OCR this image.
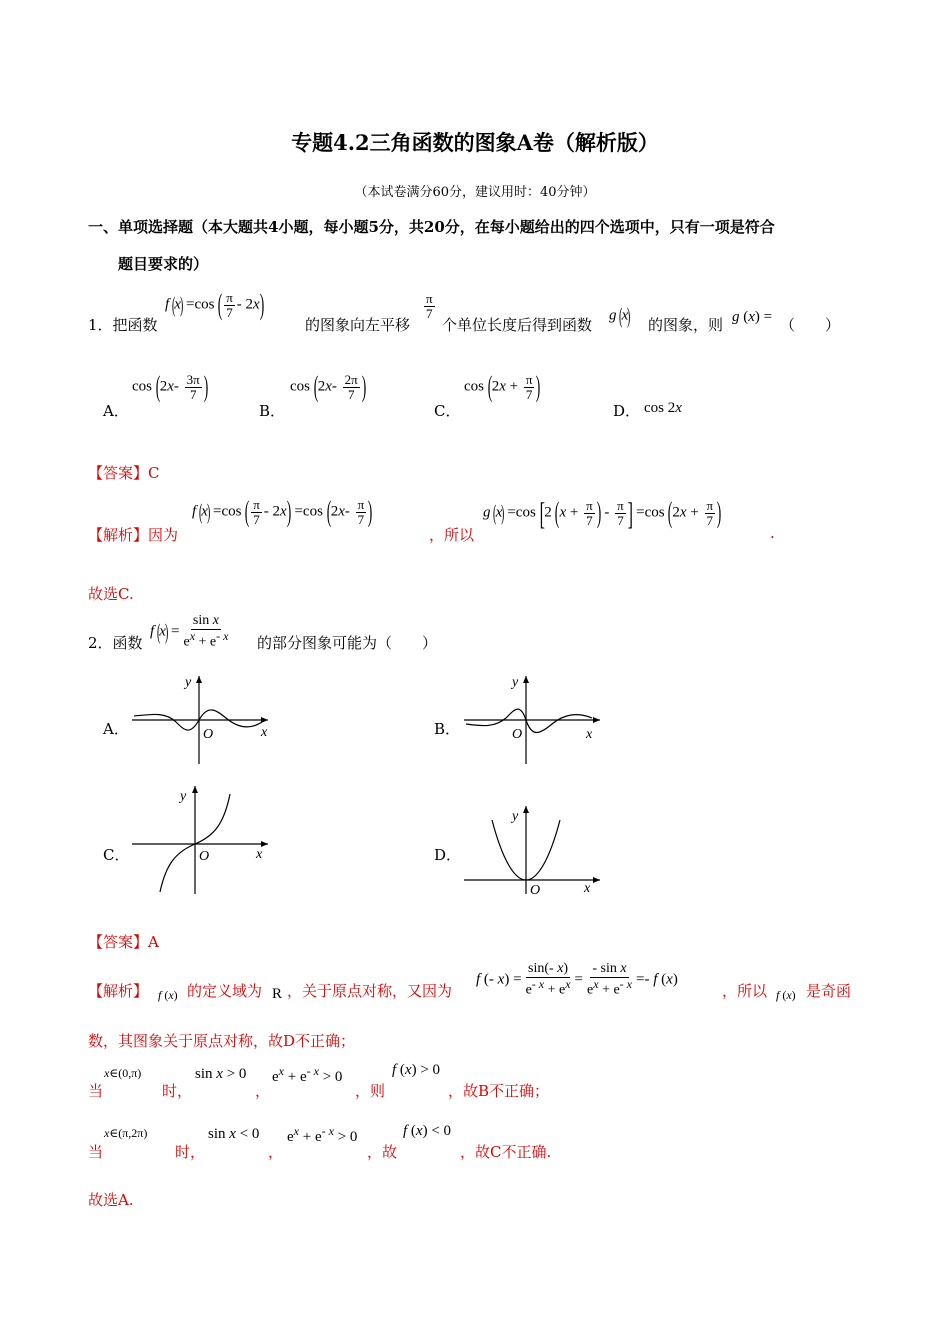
专题4.2三角函数的图象A卷（解析版）
（本试卷满分60分，建议用时：40分钟）
一、单项选择题（本大题共4小题，每小题5分，共20分，在每小题给出的四个选项中，只有一项是符合
题目要求的）
1．把函数
f (x) =cos ( $\frac{\pi}{7} - 2x$)
的图象向左平移
$\frac{\pi}{7}$
个单位长度后得到函数
g (x) 的图象，则 g (x) = （　　）
A．
$\cos (2x- \frac{3\pi}{7}$ )
B．
$\cos (2x- \frac{2\pi}{7}$ )
C．
$\cos (2x + \frac{\pi}{7}$ )
D． cos 2x
【答案】C
【解析】因为
f (x) =cos ( $\frac{\pi}{7} - 2x) =\cos$ ($2x- \frac{\pi}{7}$ )
，所以
g (x) =cos [2 ($x + \frac{\pi}{7}$ ) - $\frac{\pi}{7}$ ] =cos ($2x + \frac{\pi}{7}$ )
.
故选C.
2．函数
f $(x) = \frac{\text{sin x}}{e^x + e^{- x}}$ 的部分图象可能为（　　）
A．	B．
C．	D．
y
O	x
y
O	x
y
O	x
y
O	x
【答案】A
【解析】 f (x) 的定义域为 R ，关于原点对称，又因为
f (- $x) = \frac{\sin(- x)}{e^{- x} + e^x} = \frac{\text{- sin x}}{e^x + e^{- x}} =- f$ (x)
，所以 f (x) 是奇函
数，其图象关于原点对称，故D不正确；
当
x∈(0,π)
时，
sin x > 0
，
$e^x + e^{- x} > 0$
，则
f (x) > 0
，故B不正确；
当
x∈(π,2π)
时，
sin x < 0
，
$e^x + e^{- x} > 0$
，故
f (x) < 0
，故C不正确.
故选A.
